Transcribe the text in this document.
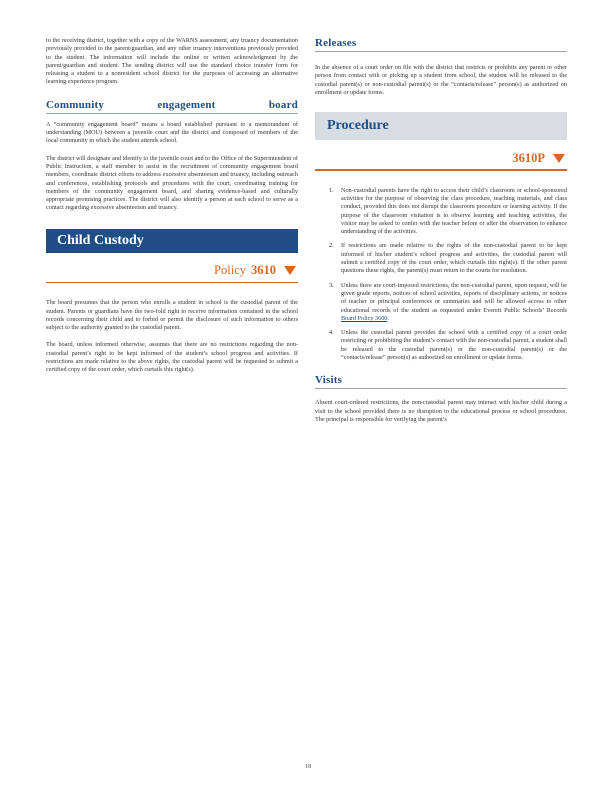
to the receiving district, together with a copy of the WARNS assessment, any truancy documentation previously provided to the parent/guardian, and any other truancy interventions previously provided to the student. The information will include the online or written acknowledgment by the parent/guardian and student. The sending district will use the standard choice transfer form for releasing a student to a nonresident school district for the purposes of accessing an alternative learning experience program.

Community engagement board

A “community engagement board” means a board established pursuant to a memorandum of understanding (MOU) between a juvenile court and the district and composed of members of the local community in which the student attends school.

The district will designate and identify to the juvenile court and to the Office of the Superintendent of Public Instruction, a staff member to assist in the recruitment of community engagement board members, coordinate district efforts to address excessive absenteeism and truancy, including outreach and conferences, establishing protocols and procedures with the court, coordinating training for members of the community engagement board, and sharing evidence-based and culturally appropriate promising practices. The district will also identify a person at each school to serve as a contact regarding excessive absenteeism and truancy.

Child Custody
Policy 3610

The board presumes that the person who enrolls a student in school is the custodial parent of the student. Parents or guardians have the two-fold right to receive information contained in the school records concerning their child and to forbid or permit the disclosure of such information to others subject to the authority granted to the custodial parent.

The board, unless informed otherwise, assumes that there are no restrictions regarding the non-custodial parent’s right to be kept informed of the student’s school progress and activities. If restrictions are made relative to the above rights, the custodial parent will be requested to submit a certified copy of the court order, which curtails this right(s).

Releases

In the absence of a court order on file with the district that restricts or prohibits any parent or other person from contact with or picking up a student from school, the student will be released to the custodial parent(s) or non-custodial parent(s) or the “contacts/release” person(s) as authorized on enrollment or update forms.

Procedure
3610P
1.	Non-custodial parents have the right to access their child’s classroom or school-sponsored activities for the purpose of observing the class procedure, teaching materials, and class conduct, provided this does not disrupt the classroom procedure or learning activity. If the purpose of the classroom visitation is to observe learning and teaching activities, the visitor may be asked to confer with the teacher before or after the observation to enhance understanding of the activities.

2.	If restrictions are made relative to the rights of the non-custodial parent to be kept informed of his/her student’s school progress and activities, the custodial parent will submit a certified copy of the court order, which curtails this right(s). If the other parent questions these rights, the parent(s) must return to the courts for resolution.

3.	Unless there are court-imposed restrictions, the non-custodial parent, upon request, will be given grade reports, notices of school activities, reports of disciplinary actions, or notices of teacher or principal conferences or summaries and will be allowed access to other educational records of the student as requested under Everett Public Schools’ Records Board Policy 3600.

4.	Unless the custodial parent provides the school with a certified copy of a court order restricting or prohibiting the student’s contact with the non-custodial parent, a student shall be released to the custodial parent(s) or the non-custodial parent(s) or the “contacts/release” person(s) as authorized on enrollment or update forms.

Visits

Absent court-ordered restrictions, the non-custodial parent may interact with his/her child during a visit to the school provided there is no disruption to the educational process or school procedures. The principal is responsible for verifying the parent’s

18
